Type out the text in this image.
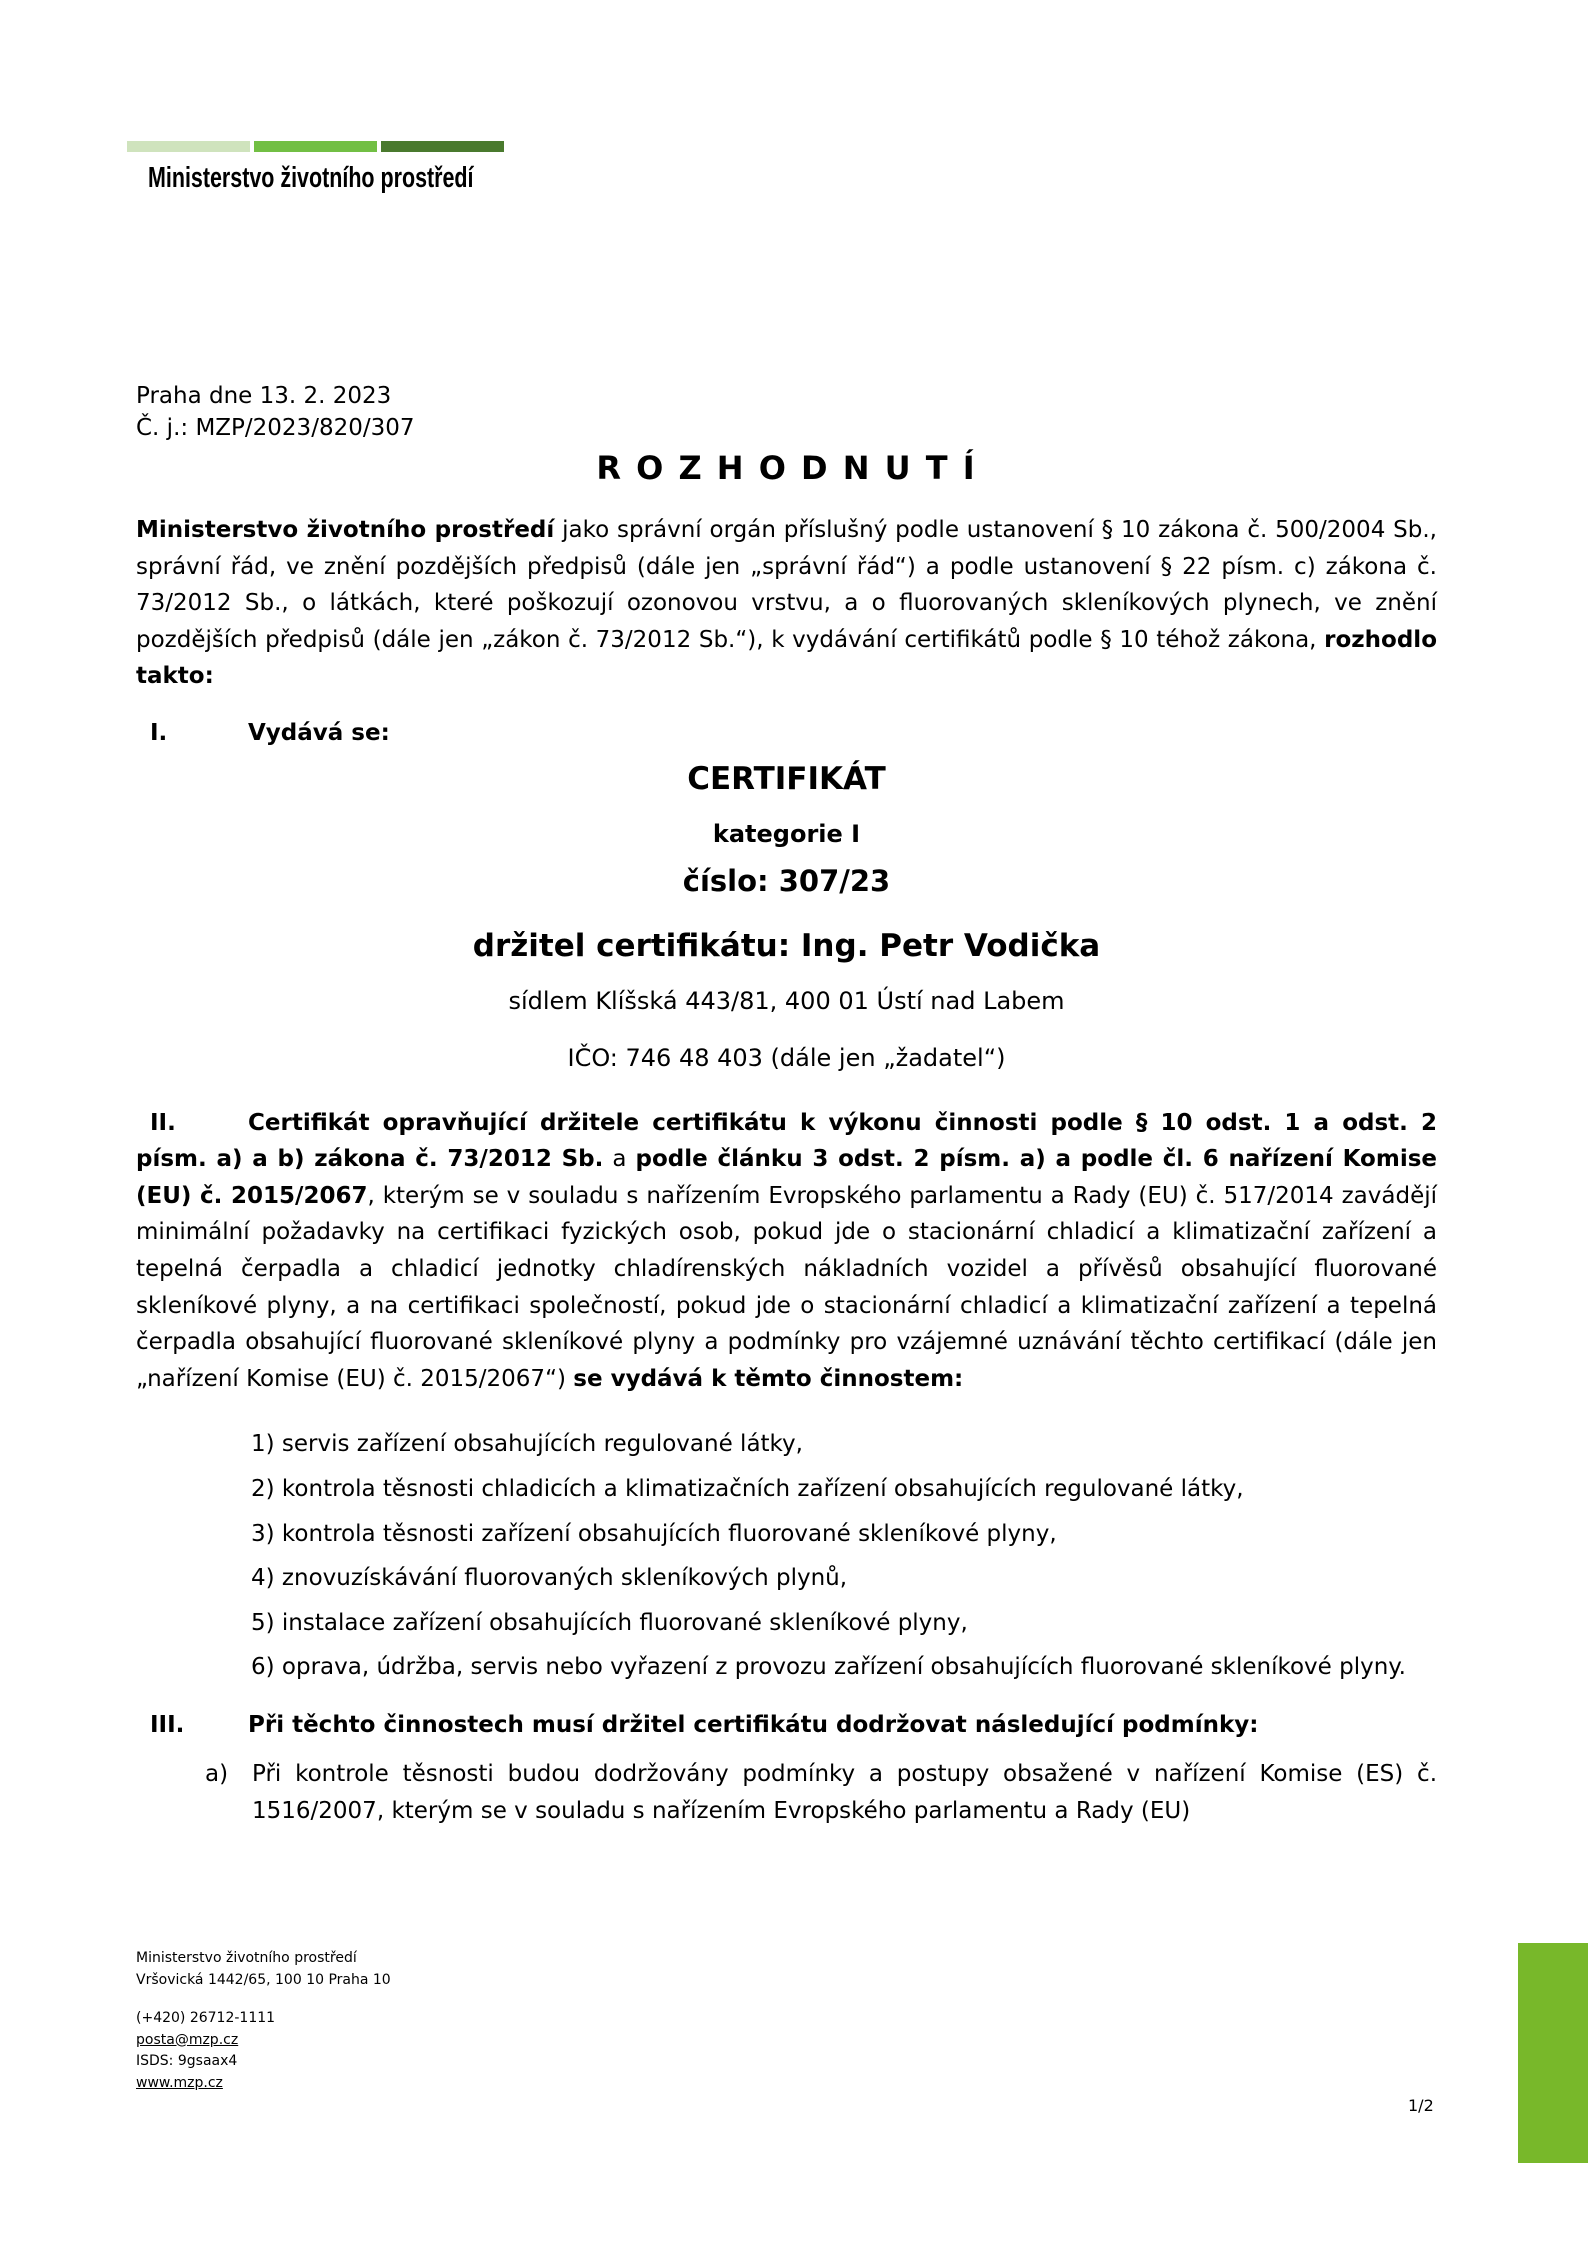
Ministerstvo životního prostředí

Praha dne 13. 2. 2023

Č. j.: MZP/2023/820/307

R O Z H O D N U T Í

Ministerstvo životního prostředí jako správní orgán příslušný podle ustanovení § 10 zákona č. 500/2004 Sb., správní řád, ve znění pozdějších předpisů (dále jen „správní řád“) a podle ustanovení § 22 písm. c) zákona č. 73/2012 Sb., o látkách, které poškozují ozonovou vrstvu, a o fluorovaných skleníkových plynech, ve znění pozdějších předpisů (dále jen „zákon č. 73/2012 Sb.“), k vydávání certifikátů podle § 10 téhož zákona, rozhodlo takto:

I.	Vydává se:

CERTIFIKÁT

kategorie I

číslo: 307/23

držitel certifikátu: Ing. Petr Vodička

sídlem Klíšská 443/81, 400 01 Ústí nad Labem

IČO: 746 48 403 (dále jen „žadatel“)

II.	Certifikát opravňující držitele certifikátu k výkonu činnosti podle § 10 odst. 1 a odst. 2 písm. a) a b) zákona č. 73/2012 Sb. a podle článku 3 odst. 2 písm. a) a podle čl. 6 nařízení Komise (EU) č. 2015/2067, kterým se v souladu s nařízením Evropského parlamentu a Rady (EU) č. 517/2014 zavádějí minimální požadavky na certifikaci fyzických osob, pokud jde o stacionární chladicí a klimatizační zařízení a tepelná čerpadla a chladicí jednotky chladírenských nákladních vozidel a přívěsů obsahující fluorované skleníkové plyny, a na certifikaci společností, pokud jde o stacionární chladicí a klimatizační zařízení a tepelná čerpadla obsahující fluorované skleníkové plyny a podmínky pro vzájemné uznávání těchto certifikací (dále jen „nařízení Komise (EU) č. 2015/2067“) se vydává k těmto činnostem:

1) servis zařízení obsahujících regulované látky,

2) kontrola těsnosti chladicích a klimatizačních zařízení obsahujících regulované látky,

3) kontrola těsnosti zařízení obsahujících fluorované skleníkové plyny,

4) znovuzískávání fluorovaných skleníkových plynů,

5) instalace zařízení obsahujících fluorované skleníkové plyny,

6) oprava, údržba, servis nebo vyřazení z provozu zařízení obsahujících fluorované skleníkové plyny.

III.	Při těchto činnostech musí držitel certifikátu dodržovat následující podmínky:

a) Při kontrole těsnosti budou dodržovány podmínky a postupy obsažené v nařízení Komise (ES) č. 1516/2007, kterým se v souladu s nařízením Evropského parlamentu a Rady (EU)

Ministerstvo životního prostředí
Vršovická 1442/65, 100 10 Praha 10
(+420) 26712-1111
posta@mzp.cz
ISDS: 9gsaax4
www.mzp.cz
1/2
